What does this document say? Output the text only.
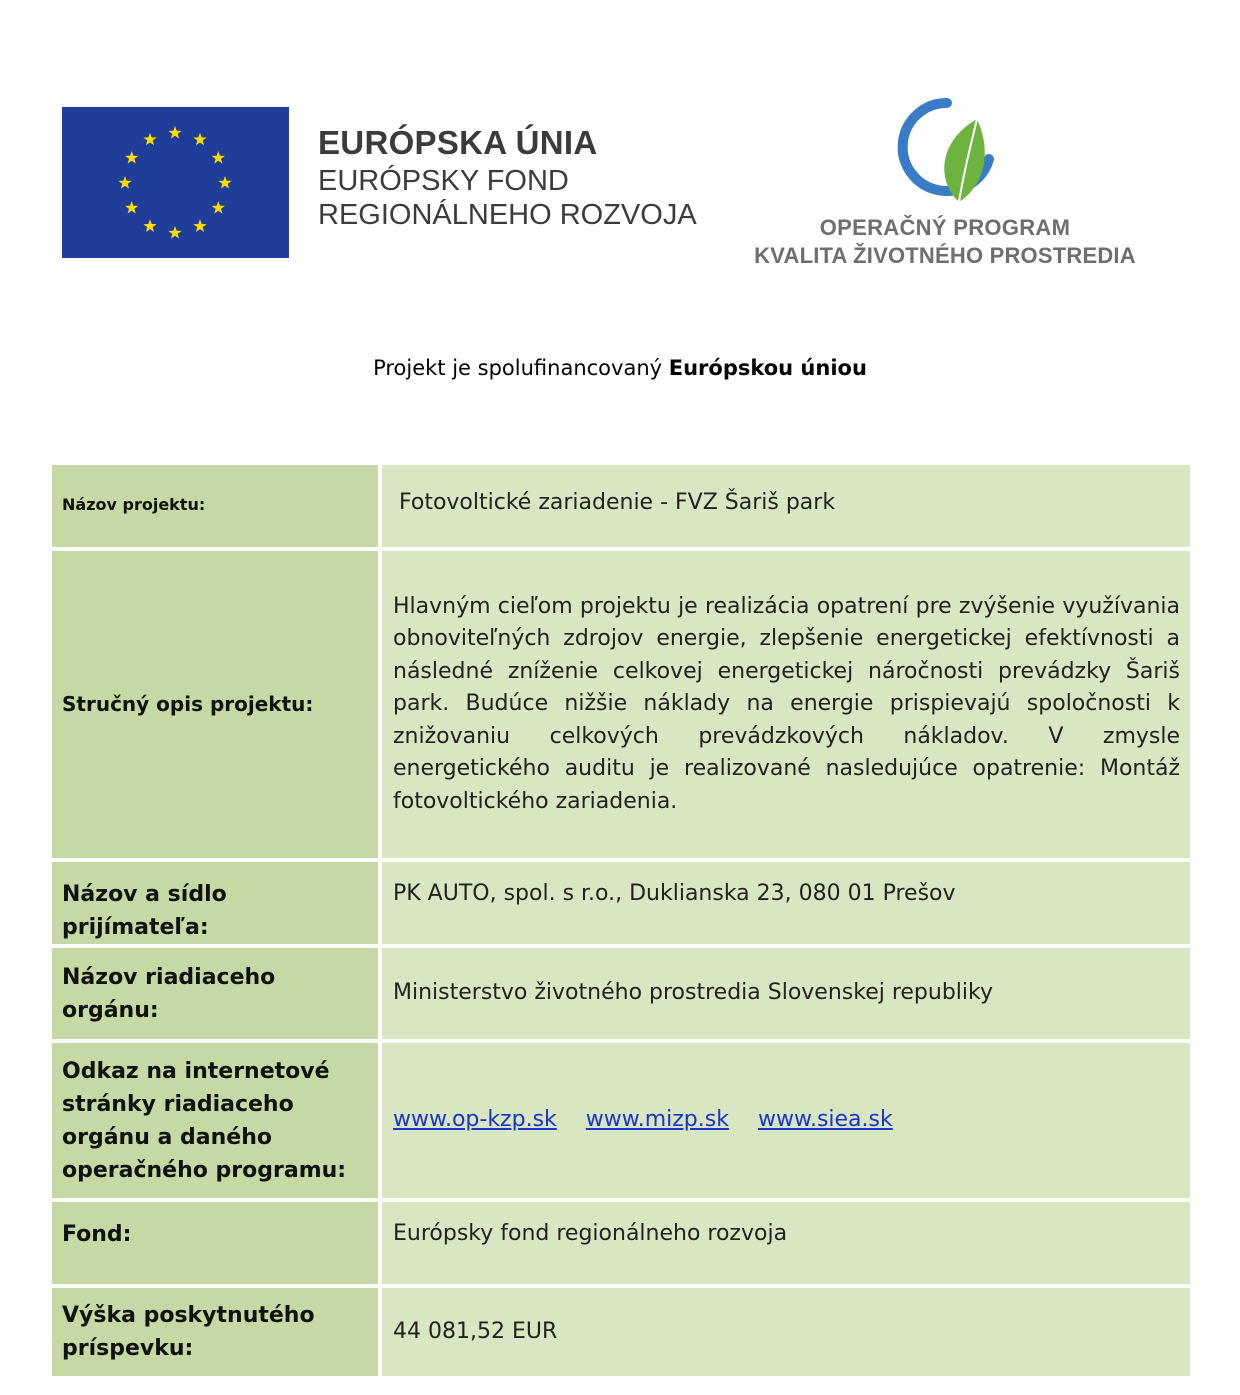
EURÓPSKA ÚNIA
EURÓPSKY FOND
REGIONÁLNEHO ROZVOJA	OPERAČNÝ PROGRAM
KVALITA ŽIVOTNÉHO PROSTREDIA
Projekt je spolufinancovaný Európskou úniou
Názov projektu:	Fotovoltické zariadenie - FVZ Šariš park
Stručný opis projektu:	Hlavným cieľom projektu je realizácia opatrení pre zvýšenie využívania obnoviteľných zdrojov energie, zlepšenie energetickej efektívnosti a následné zníženie celkovej energetickej náročnosti prevádzky Šariš park. Budúce nižšie náklady na energie prispievajú spoločnosti k znižovaniu celkových prevádzkových nákladov. V zmysle energetického auditu je realizované nasledujúce opatrenie: Montáž fotovoltického zariadenia.
Názov a sídlo prijímateľa:	PK AUTO, spol. s r.o., Duklianska 23, 080 01 Prešov
Názov riadiaceho orgánu:	Ministerstvo životného prostredia Slovenskej republiky
Odkaz na internetové stránky riadiaceho orgánu a daného operačného programu:	www.op-kzp.sk www.mizp.sk www.siea.sk
Fond:	Európsky fond regionálneho rozvoja
Výška poskytnutého príspevku:	44 081,52 EUR
